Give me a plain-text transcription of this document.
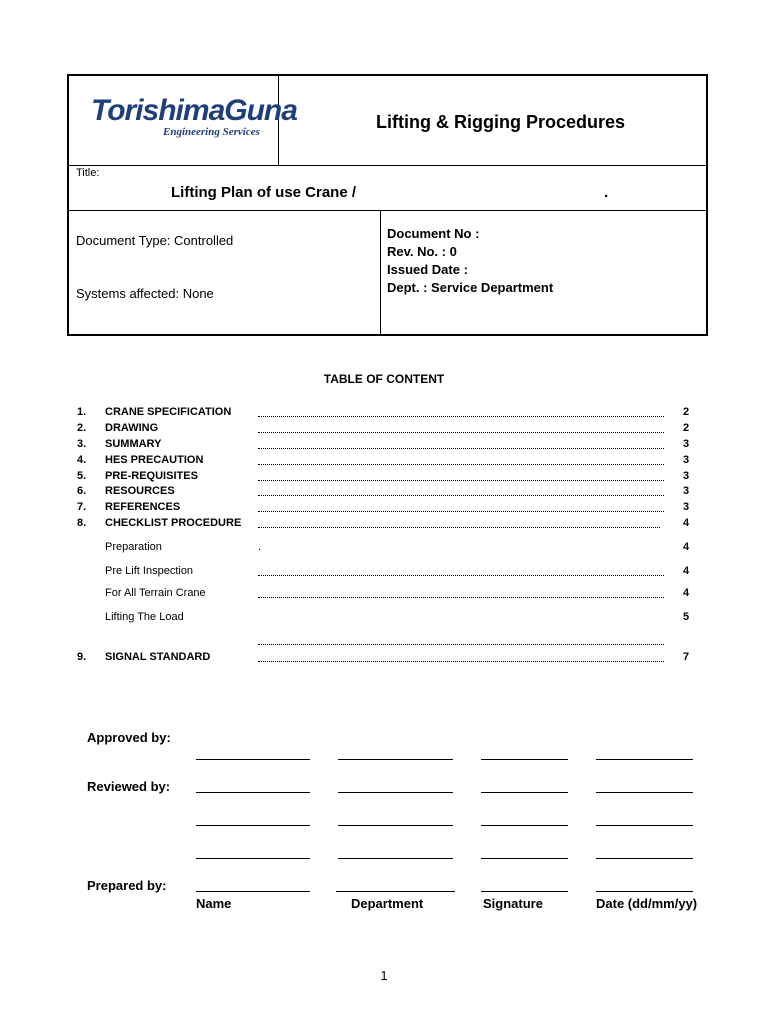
TorishimaGuna
Engineering Services	Lifting & Rigging Procedures
Title:
Lifting Plan of use Crane /	.
Document Type: Controlled
Systems affected: None
Document No :
Rev. No. : 0
Issued Date :
Dept. : Service Department
TABLE OF CONTENT
1. CRANE SPECIFICATION	2
2. DRAWING	2
3. SUMMARY	3
4. HES PRECAUTION	3
5. PRE-REQUISITES	3
6. RESOURCES	3
7. REFERENCES	3
8. CHECKLIST PROCEDURE	4
Preparation	.	4
Pre Lift Inspection	4
For All Terrain Crane	4
Lifting The Load	5
9. SIGNAL STANDARD	7
Approved by:
Reviewed by:
Prepared by:
Name	Department	Signature	Date (dd/mm/yy)
1
